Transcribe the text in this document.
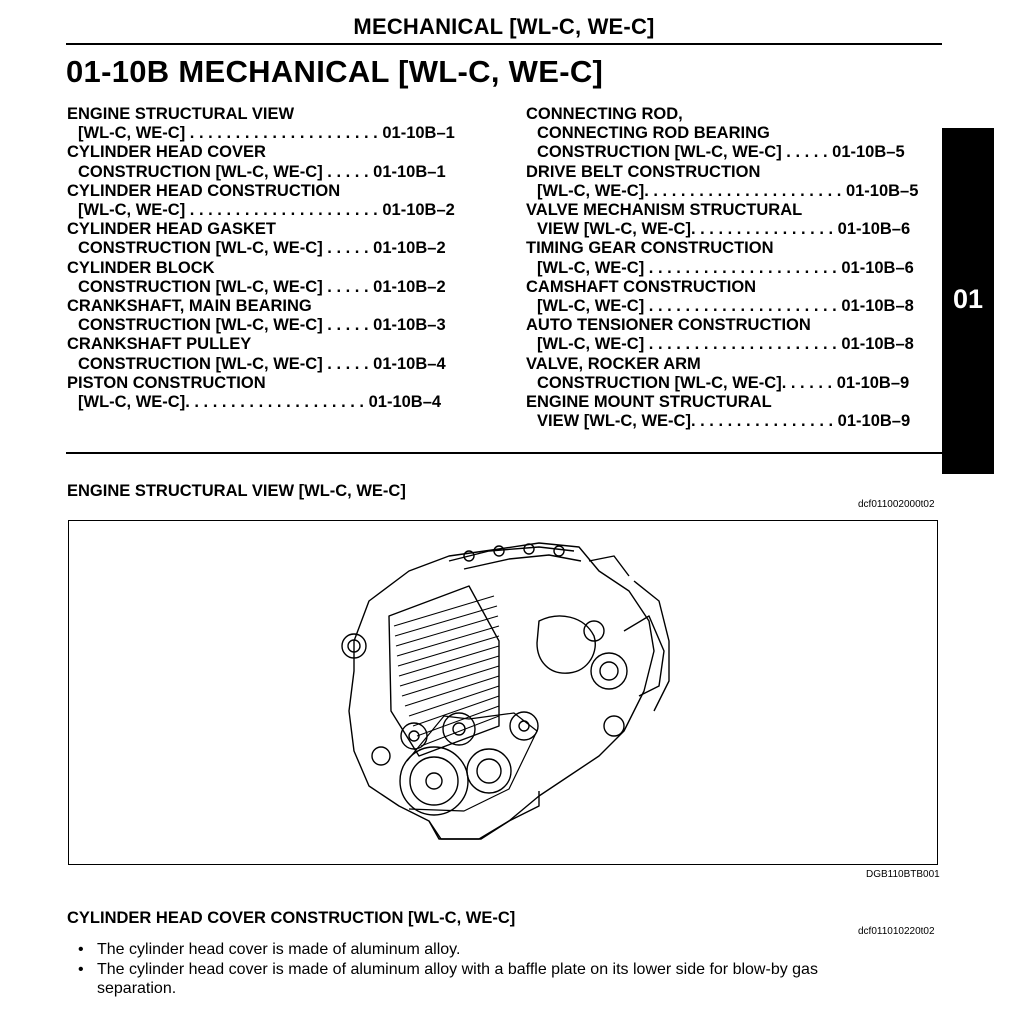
MECHANICAL [WL-C, WE-C]
01-10B MECHANICAL [WL-C, WE-C]
ENGINE STRUCTURAL VIEW
[WL-C, WE-C] . . . . . . . . . . . . . . . . . . . . . 01-10B–1
CYLINDER HEAD COVER
CONSTRUCTION [WL-C, WE-C] . . . . . 01-10B–1
CYLINDER HEAD CONSTRUCTION
[WL-C, WE-C] . . . . . . . . . . . . . . . . . . . . . 01-10B–2
CYLINDER HEAD GASKET
CONSTRUCTION [WL-C, WE-C] . . . . . 01-10B–2
CYLINDER BLOCK
CONSTRUCTION [WL-C, WE-C] . . . . . 01-10B–2
CRANKSHAFT, MAIN BEARING
CONSTRUCTION [WL-C, WE-C] . . . . . 01-10B–3
CRANKSHAFT PULLEY
CONSTRUCTION [WL-C, WE-C] . . . . . 01-10B–4
PISTON CONSTRUCTION
[WL-C, WE-C]. . . . . . . . . . . . . . . . . . . . 01-10B–4
CONNECTING ROD,
CONNECTING ROD BEARING
CONSTRUCTION [WL-C, WE-C] . . . . . 01-10B–5
DRIVE BELT CONSTRUCTION
[WL-C, WE-C]. . . . . . . . . . . . . . . . . . . . . . 01-10B–5
VALVE MECHANISM STRUCTURAL
VIEW [WL-C, WE-C]. . . . . . . . . . . . . . . . 01-10B–6
TIMING GEAR CONSTRUCTION
[WL-C, WE-C] . . . . . . . . . . . . . . . . . . . . . 01-10B–6
CAMSHAFT CONSTRUCTION
[WL-C, WE-C] . . . . . . . . . . . . . . . . . . . . . 01-10B–8
AUTO TENSIONER CONSTRUCTION
[WL-C, WE-C] . . . . . . . . . . . . . . . . . . . . . 01-10B–8
VALVE, ROCKER ARM
CONSTRUCTION [WL-C, WE-C]. . . . . . 01-10B–9
ENGINE MOUNT STRUCTURAL
VIEW [WL-C, WE-C]. . . . . . . . . . . . . . . . 01-10B–9
01
ENGINE STRUCTURAL VIEW [WL-C, WE-C]
dcf011002000t02
DGB110BTB001
CYLINDER HEAD COVER CONSTRUCTION [WL-C, WE-C]
dcf011010220t02
• The cylinder head cover is made of aluminum alloy.
• The cylinder head cover is made of aluminum alloy with a baffle plate on its lower side for blow-by gas separation.
